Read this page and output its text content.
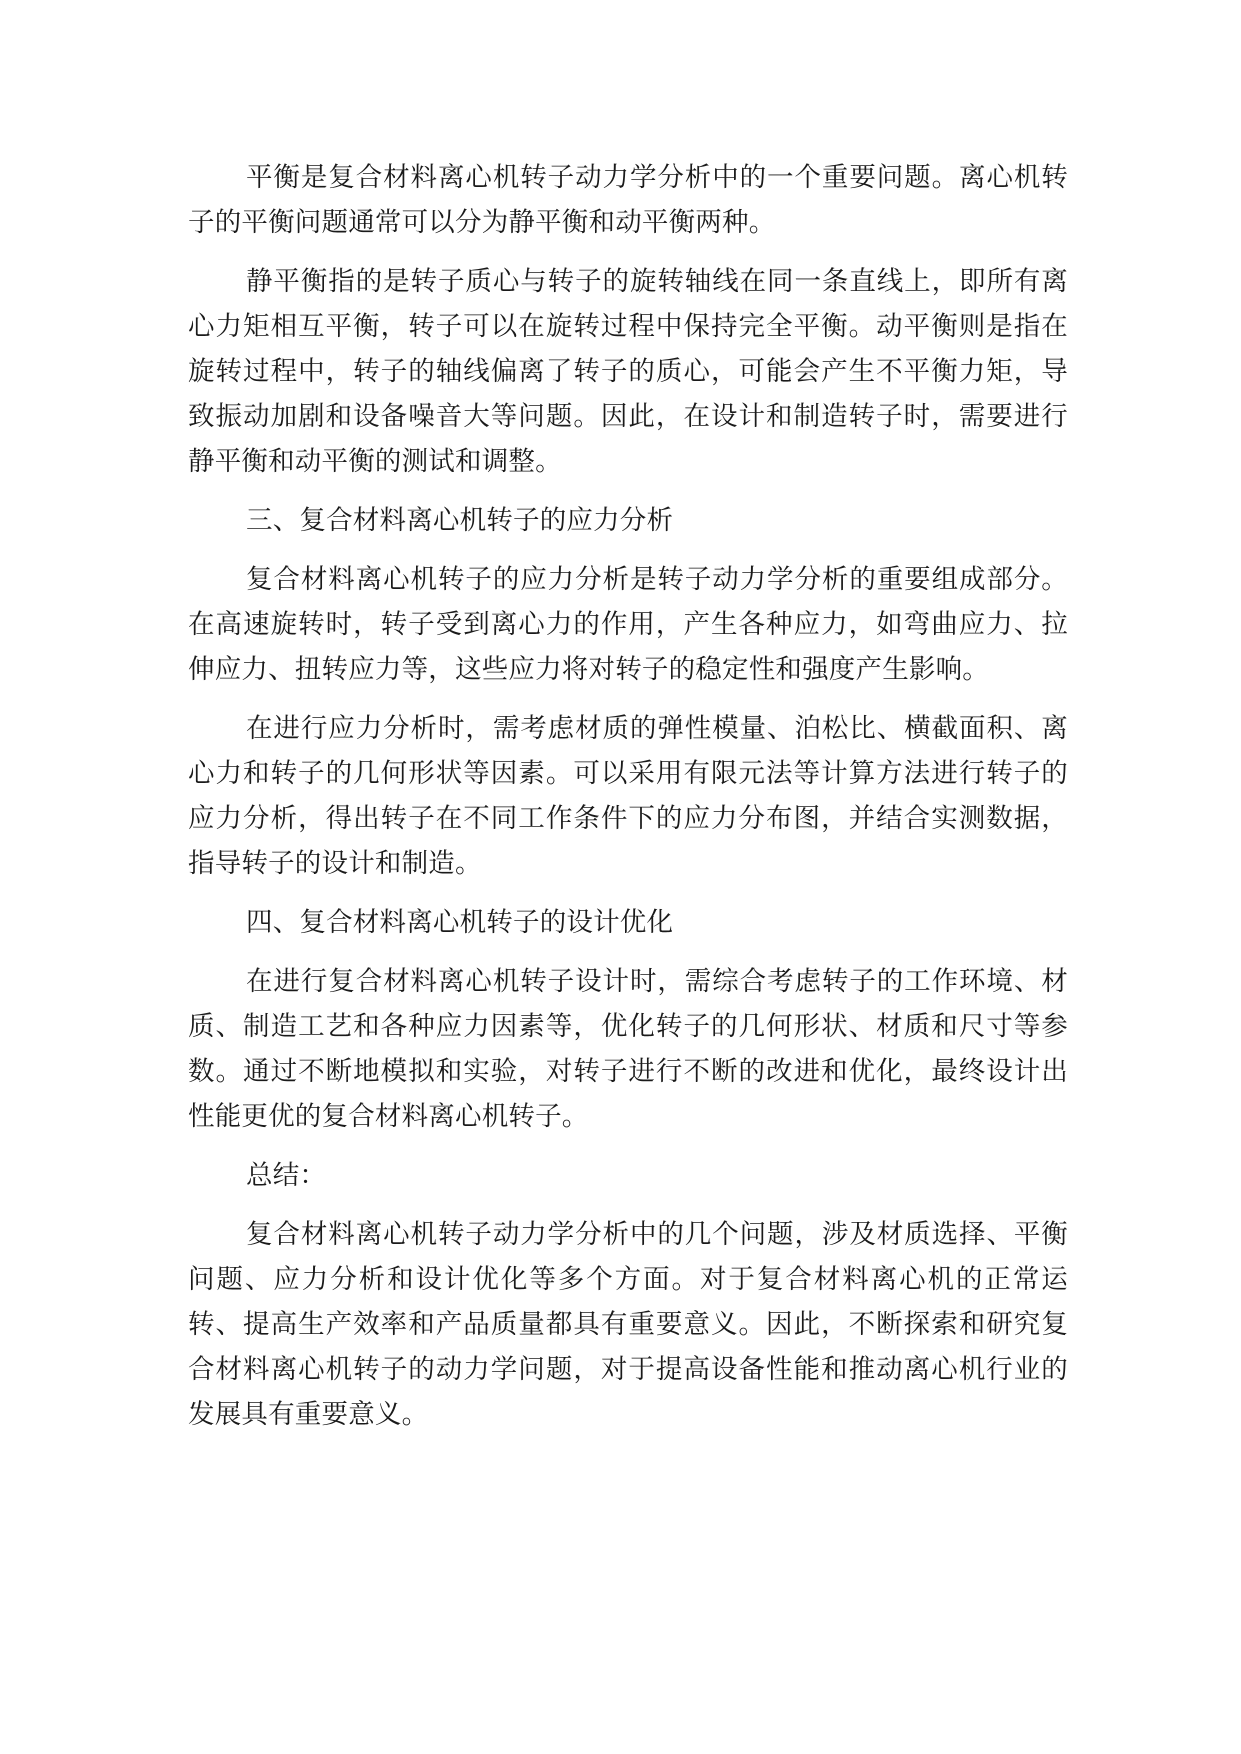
平衡是复合材料离心机转子动力学分析中的一个重要问题。离心机转子的平衡问题通常可以分为静平衡和动平衡两种。

静平衡指的是转子质心与转子的旋转轴线在同一条直线上，即所有离心力矩相互平衡，转子可以在旋转过程中保持完全平衡。动平衡则是指在旋转过程中，转子的轴线偏离了转子的质心，可能会产生不平衡力矩，导致振动加剧和设备噪音大等问题。因此，在设计和制造转子时，需要进行静平衡和动平衡的测试和调整。

三、复合材料离心机转子的应力分析

复合材料离心机转子的应力分析是转子动力学分析的重要组成部分。在高速旋转时，转子受到离心力的作用，产生各种应力，如弯曲应力、拉伸应力、扭转应力等，这些应力将对转子的稳定性和强度产生影响。

在进行应力分析时，需考虑材质的弹性模量、泊松比、横截面积、离心力和转子的几何形状等因素。可以采用有限元法等计算方法进行转子的应力分析，得出转子在不同工作条件下的应力分布图，并结合实测数据，指导转子的设计和制造。

四、复合材料离心机转子的设计优化

在进行复合材料离心机转子设计时，需综合考虑转子的工作环境、材质、制造工艺和各种应力因素等，优化转子的几何形状、材质和尺寸等参数。通过不断地模拟和实验，对转子进行不断的改进和优化，最终设计出性能更优的复合材料离心机转子。

总结：

复合材料离心机转子动力学分析中的几个问题，涉及材质选择、平衡问题、应力分析和设计优化等多个方面。对于复合材料离心机的正常运转、提高生产效率和产品质量都具有重要意义。因此，不断探索和研究复合材料离心机转子的动力学问题，对于提高设备性能和推动离心机行业的发展具有重要意义。
